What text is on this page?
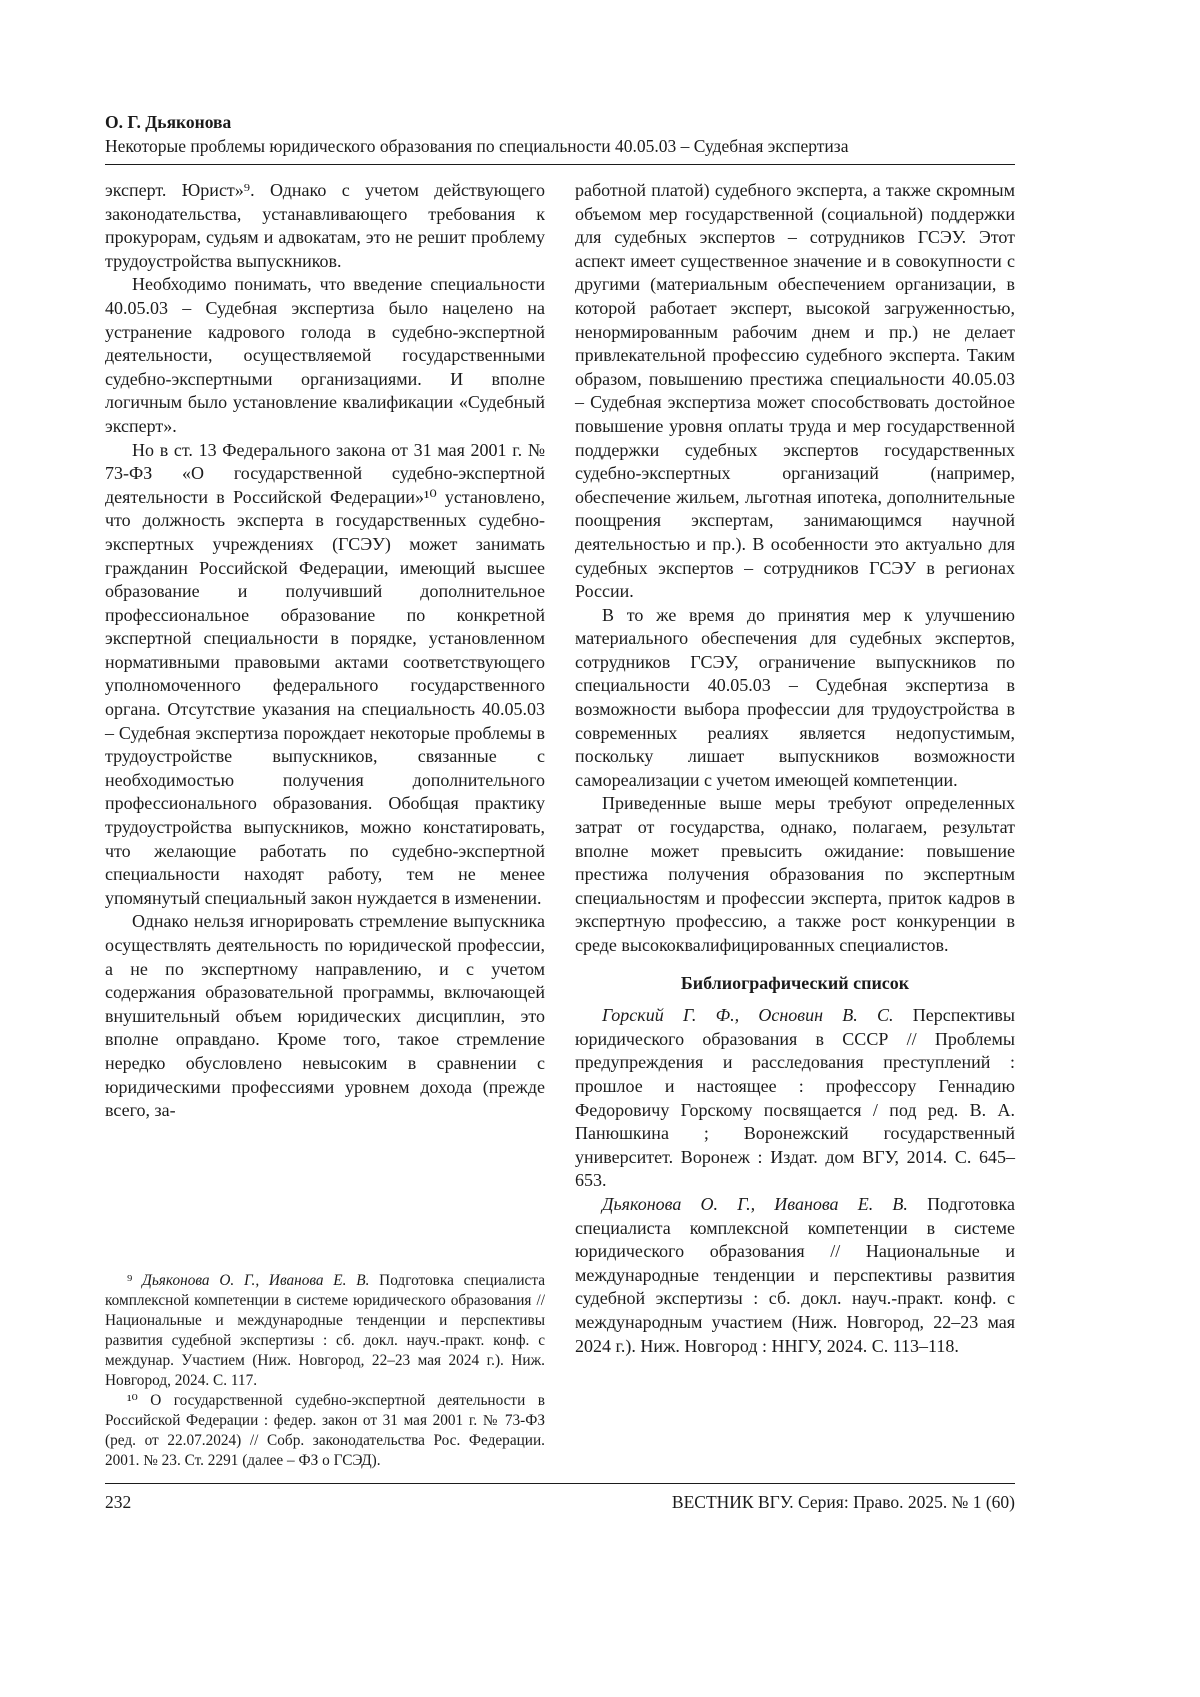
О. Г. Дьяконова
Некоторые проблемы юридического образования по специальности 40.05.03 – Судебная экспертиза

эксперт. Юрист»⁹. Однако с учетом действующего законодательства, устанавливающего требования к прокурорам, судьям и адвокатам, это не решит проблему трудоустройства выпускников.

Необходимо понимать, что введение специальности 40.05.03 – Судебная экспертиза было нацелено на устранение кадрового голода в судебно-экспертной деятельности, осуществляемой государственными судебно-экспертными организациями. И вполне логичным было установление квалификации «Судебный эксперт».

Но в ст. 13 Федерального закона от 31 мая 2001 г. № 73-ФЗ «О государственной судебно-экспертной деятельности в Российской Федерации»¹⁰ установлено, что должность эксперта в государственных судебно-экспертных учреждениях (ГСЭУ) может занимать гражданин Российской Федерации, имеющий высшее образование и получивший дополнительное профессиональное образование по конкретной экспертной специальности в порядке, установленном нормативными правовыми актами соответствующего уполномоченного федерального государственного органа. Отсутствие указания на специальность 40.05.03 – Судебная экспертиза порождает некоторые проблемы в трудоустройстве выпускников, связанные с необходимостью получения дополнительного профессионального образования. Обобщая практику трудоустройства выпускников, можно констатировать, что желающие работать по судебно-экспертной специальности находят работу, тем не менее упомянутый специальный закон нуждается в изменении.

Однако нельзя игнорировать стремление выпускника осуществлять деятельность по юридической профессии, а не по экспертному направлению, и с учетом содержания образовательной программы, включающей внушительный объем юридических дисциплин, это вполне оправдано. Кроме того, такое стремление нередко обусловлено невысоким в сравнении с юридическими профессиями уровнем дохода (прежде всего, за-

⁹ Дьяконова О. Г., Иванова Е. В. Подготовка специалиста комплексной компетенции в системе юридического образования // Национальные и международные тенденции и перспективы развития судебной экспертизы : сб. докл. науч.-практ. конф. с междунар. Участием (Ниж. Новгород, 22–23 мая 2024 г.). Ниж. Новгород, 2024. С. 117.

¹⁰ О государственной судебно-экспертной деятельности в Российской Федерации : федер. закон от 31 мая 2001 г. № 73-ФЗ (ред. от 22.07.2024) // Собр. законодательства Рос. Федерации. 2001. № 23. Ст. 2291 (далее – ФЗ о ГСЭД).

работной платой) судебного эксперта, а также скромным объемом мер государственной (социальной) поддержки для судебных экспертов – сотрудников ГСЭУ. Этот аспект имеет существенное значение и в совокупности с другими (материальным обеспечением организации, в которой работает эксперт, высокой загруженностью, ненормированным рабочим днем и пр.) не делает привлекательной профессию судебного эксперта. Таким образом, повышению престижа специальности 40.05.03 – Судебная экспертиза может способствовать достойное повышение уровня оплаты труда и мер государственной поддержки судебных экспертов государственных судебно-экспертных организаций (например, обеспечение жильем, льготная ипотека, дополнительные поощрения экспертам, занимающимся научной деятельностью и пр.). В особенности это актуально для судебных экспертов – сотрудников ГСЭУ в регионах России.

В то же время до принятия мер к улучшению материального обеспечения для судебных экспертов, сотрудников ГСЭУ, ограничение выпускников по специальности 40.05.03 – Судебная экспертиза в возможности выбора профессии для трудоустройства в современных реалиях является недопустимым, поскольку лишает выпускников возможности самореализации с учетом имеющей компетенции.

Приведенные выше меры требуют определенных затрат от государства, однако, полагаем, результат вполне может превысить ожидание: повышение престижа получения образования по экспертным специальностям и профессии эксперта, приток кадров в экспертную профессию, а также рост конкуренции в среде высококвалифицированных специалистов.

Библиографический список

Горский Г. Ф., Основин В. С. Перспективы юридического образования в СССР // Проблемы предупреждения и расследования преступлений : прошлое и настоящее : профессору Геннадию Федоровичу Горскому посвящается / под ред. В. А. Панюшкина ; Воронежский государственный университет. Воронеж : Издат. дом ВГУ, 2014. С. 645–653.

Дьяконова О. Г., Иванова Е. В. Подготовка специалиста комплексной компетенции в системе юридического образования // Национальные и международные тенденции и перспективы развития судебной экспертизы : сб. докл. науч.-практ. конф. с международным участием (Ниж. Новгород, 22–23 мая 2024 г.). Ниж. Новгород : ННГУ, 2024. С. 113–118.

232	ВЕСТНИК ВГУ. Серия: Право. 2025. № 1 (60)
